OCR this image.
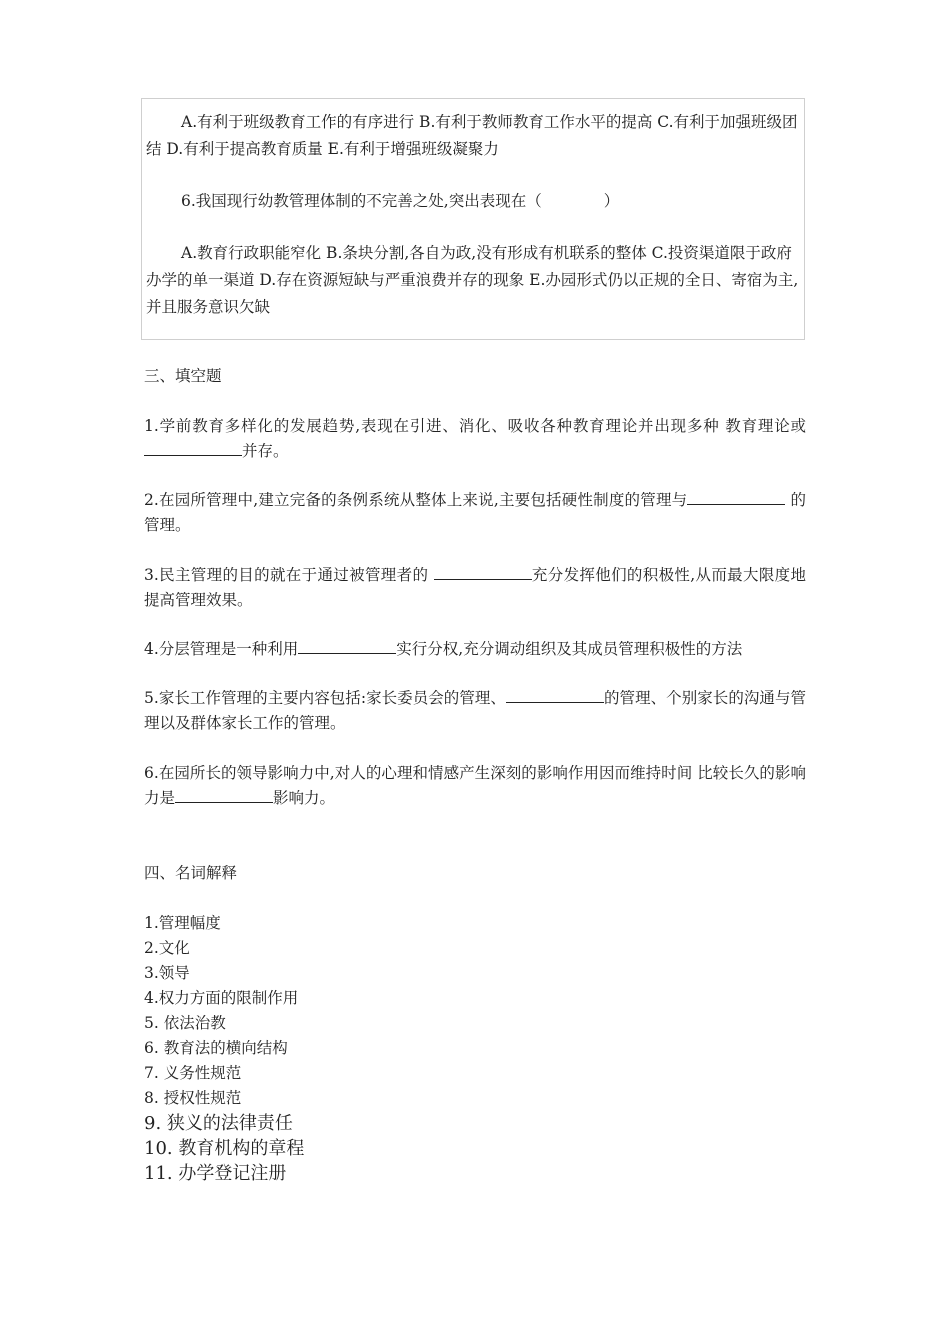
A.有利于班级教育工作的有序进行 B.有利于教师教育工作水平的提高 C.有利于加强班级团结 D.有利于提高教育质量 E.有利于增强班级凝聚力

6.我国现行幼教管理体制的不完善之处,突出表现在（　　　　）

A.教育行政职能窄化 B.条块分割,各自为政,没有形成有机联系的整体 C.投资渠道限于政府办学的单一渠道 D.存在资源短缺与严重浪费并存的现象 E.办园形式仍以正规的全日、寄宿为主,并且服务意识欠缺

三、填空题
1.学前教育多样化的发展趋势,表现在引进、消化、吸收各种教育理论并出现多种 教育理论或并存。
2.在园所管理中,建立完备的条例系统从整体上来说,主要包括硬性制度的管理与	的管理。
3.民主管理的目的就在于通过被管理者的	充分发挥他们的积极性,从而最大限度地提高管理效果。
4.分层管理是一种利用	实行分权,充分调动组织及其成员管理积极性的方法
5.家长工作管理的主要内容包括:家长委员会的管理、	的管理、个别家长的沟通与管理以及群体家长工作的管理。
6.在园所长的领导影响力中,对人的心理和情感产生深刻的影响作用因而维持时间 比较长久的影响力是	影响力。
四、名词解释
1.管理幅度
2.文化
3.领导
4.权力方面的限制作用
5. 依法治教
6. 教育法的横向结构
7. 义务性规范
8. 授权性规范
9. 狭义的法律责任
10. 教育机构的章程
11. 办学登记注册
